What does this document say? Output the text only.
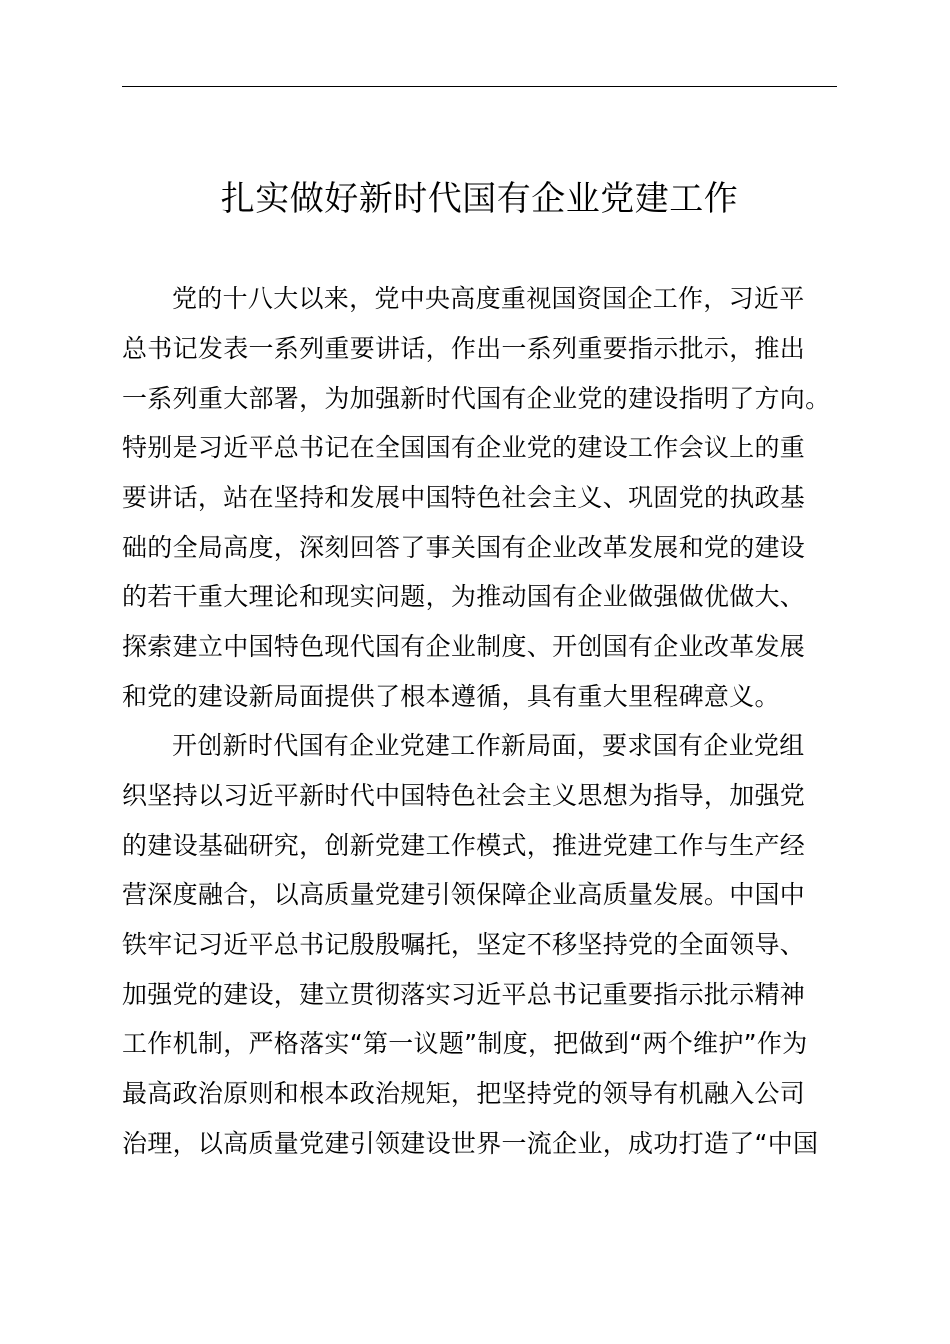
扎实做好新时代国有企业党建工作
党的十八大以来，党中央高度重视国资国企工作，习近平
总书记发表一系列重要讲话，作出一系列重要指示批示，推出
一系列重大部署，为加强新时代国有企业党的建设指明了方向。
特别是习近平总书记在全国国有企业党的建设工作会议上的重
要讲话，站在坚持和发展中国特色社会主义、巩固党的执政基
础的全局高度，深刻回答了事关国有企业改革发展和党的建设
的若干重大理论和现实问题，为推动国有企业做强做优做大、
探索建立中国特色现代国有企业制度、开创国有企业改革发展
和党的建设新局面提供了根本遵循，具有重大里程碑意义。
开创新时代国有企业党建工作新局面，要求国有企业党组
织坚持以习近平新时代中国特色社会主义思想为指导，加强党
的建设基础研究，创新党建工作模式，推进党建工作与生产经
营深度融合，以高质量党建引领保障企业高质量发展。中国中
铁牢记习近平总书记殷殷嘱托，坚定不移坚持党的全面领导、
加强党的建设，建立贯彻落实习近平总书记重要指示批示精神
工作机制，严格落实“第一议题”制度，把做到“两个维护”作为
最高政治原则和根本政治规矩，把坚持党的领导有机融入公司
治理，以高质量党建引领建设世界一流企业，成功打造了“中国
